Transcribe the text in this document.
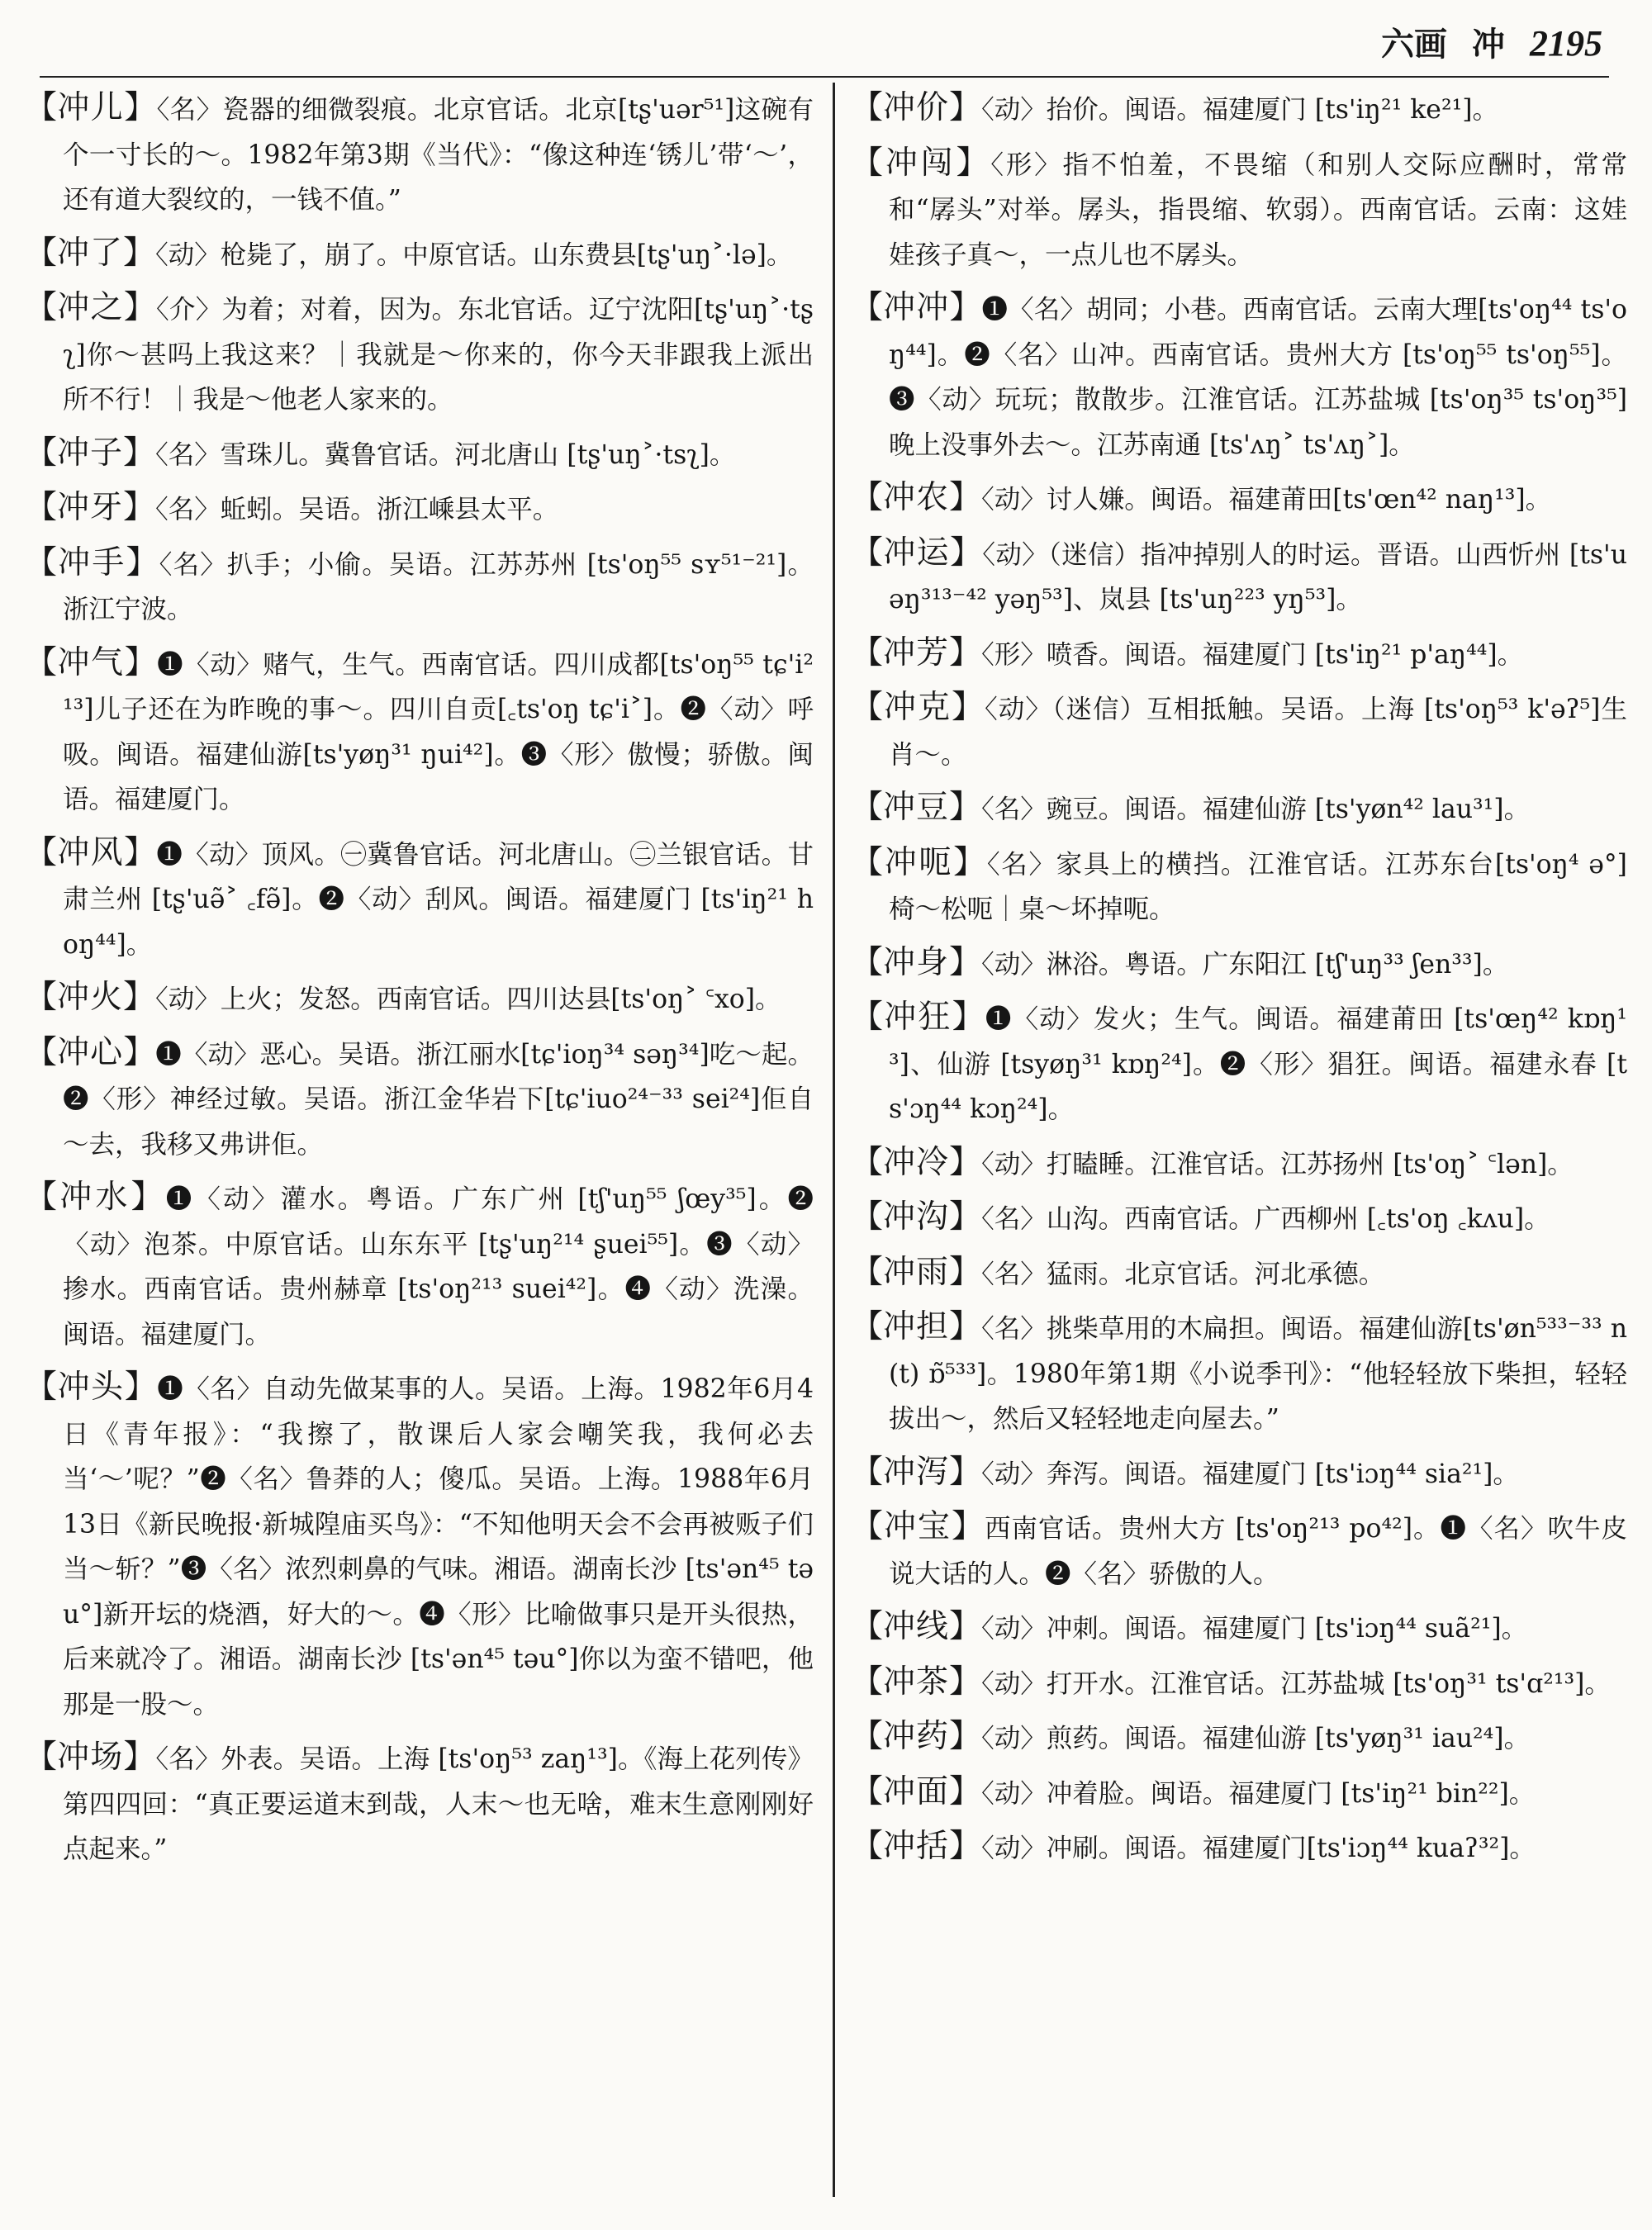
六画 冲 2195

【冲儿】〈名〉瓷器的细微裂痕。北京官话。北京[tʂ'uər⁵¹]这碗有个一寸长的～。1982年第3期《当代》：“像这种连‘锈儿’带‘～’，还有道大裂纹的，一钱不值。”

【冲了】〈动〉枪毙了，崩了。中原官话。山东费县[tʂ'uŋ˃·lə]。

【冲之】〈介〉为着；对着，因为。东北官话。辽宁沈阳[tʂ'uŋ˃·tʂʅ]你～甚吗上我这来？｜我就是～你来的，你今天非跟我上派出所不行！｜我是～他老人家来的。

【冲子】〈名〉雪珠儿。冀鲁官话。河北唐山 [tʂ'uŋ˃·tsʅ]。

【冲牙】〈名〉蚯蚓。吴语。浙江嵊县太平。

【冲手】〈名〉扒手；小偷。吴语。江苏苏州 [ts'oŋ⁵⁵ sʏ⁵¹⁻²¹]。浙江宁波。

【冲气】❶〈动〉赌气，生气。西南官话。四川成都[ts'oŋ⁵⁵ tɕ'i²¹³]儿子还在为昨晚的事～。四川自贡[꜀ts'oŋ tɕ'i˃]。❷〈动〉呼吸。闽语。福建仙游[ts'yøŋ³¹ ŋui⁴²]。❸〈形〉傲慢；骄傲。闽语。福建厦门。

【冲风】❶〈动〉顶风。㊀冀鲁官话。河北唐山。㊁兰银官话。甘肃兰州 [tʂ'uə̃˃ ꜀fə̃]。❷〈动〉刮风。闽语。福建厦门 [ts'iŋ²¹ hoŋ⁴⁴]。

【冲火】〈动〉上火；发怒。西南官话。四川达县[ts'oŋ˃ ꜂xo]。

【冲心】❶〈动〉恶心。吴语。浙江丽水[tɕ'ioŋ³⁴ səŋ³⁴]吃～起。❷〈形〉神经过敏。吴语。浙江金华岩下[tɕ'iuo²⁴⁻³³ sei²⁴]佢自～去，我移又弗讲佢。

【冲水】❶〈动〉灌水。粤语。广东广州 [tʃ'uŋ⁵⁵ ʃœy³⁵]。❷〈动〉泡茶。中原官话。山东东平 [tʂ'uŋ²¹⁴ ʂuei⁵⁵]。❸〈动〉掺水。西南官话。贵州赫章 [ts'oŋ²¹³ suei⁴²]。❹〈动〉洗澡。闽语。福建厦门。

【冲头】❶〈名〉自动先做某事的人。吴语。上海。1982年6月4日《青年报》：“我擦了，散课后人家会嘲笑我，我何必去当‘～’呢？”❷〈名〉鲁莽的人；傻瓜。吴语。上海。1988年6月13日《新民晚报·新城隍庙买鸟》：“不知他明天会不会再被贩子们当～斩？”❸〈名〉浓烈刺鼻的气味。湘语。湖南长沙 [ts'ən⁴⁵ təu°]新开坛的烧酒，好大的～。❹〈形〉比喻做事只是开头很热，后来就冷了。湘语。湖南长沙 [ts'ən⁴⁵ təu°]你以为蛮不错吧，他那是一股～。

【冲场】〈名〉外表。吴语。上海 [ts'oŋ⁵³ zaŋ¹³]。《海上花列传》第四四回：“真正要运道末到哉，人末～也无啥，难末生意刚刚好点起来。”

【冲价】〈动〉抬价。闽语。福建厦门 [ts'iŋ²¹ ke²¹]。

【冲闯】〈形〉指不怕羞，不畏缩（和别人交际应酬时，常常和“孱头”对举。孱头，指畏缩、软弱）。西南官话。云南：这娃娃孩子真～，一点儿也不孱头。

【冲冲】❶〈名〉胡同；小巷。西南官话。云南大理[ts'oŋ⁴⁴ ts'oŋ⁴⁴]。❷〈名〉山冲。西南官话。贵州大方 [ts'oŋ⁵⁵ ts'oŋ⁵⁵]。❸〈动〉玩玩；散散步。江淮官话。江苏盐城 [ts'oŋ³⁵ ts'oŋ³⁵] 晚上没事外去～。江苏南通 [ts'ʌŋ˃ ts'ʌŋ˃]。

【冲农】〈动〉讨人嫌。闽语。福建莆田[ts'œn⁴² naŋ¹³]。

【冲运】〈动〉（迷信）指冲掉别人的时运。晋语。山西忻州 [ts'uəŋ³¹³⁻⁴² yəŋ⁵³]、岚县 [ts'uŋ²²³ yŋ⁵³]。

【冲芳】〈形〉喷香。闽语。福建厦门 [ts'iŋ²¹ p'aŋ⁴⁴]。

【冲克】〈动〉（迷信）互相抵触。吴语。上海 [ts'oŋ⁵³ k'əʔ⁵]生肖～。

【冲豆】〈名〉豌豆。闽语。福建仙游 [ts'yøn⁴² lau³¹]。

【冲呃】〈名〉家具上的横挡。江淮官话。江苏东台[ts'oŋ⁴ ə°] 椅～松呃｜桌～坏掉呃。

【冲身】〈动〉淋浴。粤语。广东阳江 [tʃ'uŋ³³ ʃen³³]。

【冲狂】❶〈动〉发火；生气。闽语。福建莆田 [ts'œŋ⁴² kɒŋ¹³]、仙游 [tsyøŋ³¹ kɒŋ²⁴]。❷〈形〉猖狂。闽语。福建永春 [ts'ɔŋ⁴⁴ kɔŋ²⁴]。

【冲冷】〈动〉打瞌睡。江淮官话。江苏扬州 [ts'oŋ˃ ꜂lən]。

【冲沟】〈名〉山沟。西南官话。广西柳州 [꜀ts'oŋ ꜀kʌu]。

【冲雨】〈名〉猛雨。北京官话。河北承德。

【冲担】〈名〉挑柴草用的木扁担。闽语。福建仙游[ts'øn⁵³³⁻³³ n(t) ɒ̃⁵³³]。1980年第1期《小说季刊》：“他轻轻放下柴担，轻轻拔出～，然后又轻轻地走向屋去。”

【冲泻】〈动〉奔泻。闽语。福建厦门 [ts'iɔŋ⁴⁴ sia²¹]。

【冲宝】西南官话。贵州大方 [ts'oŋ²¹³ po⁴²]。❶〈名〉吹牛皮说大话的人。❷〈名〉骄傲的人。

【冲线】〈动〉冲刺。闽语。福建厦门 [ts'iɔŋ⁴⁴ suã²¹]。

【冲茶】〈动〉打开水。江淮官话。江苏盐城 [ts'oŋ³¹ ts'ɑ²¹³]。

【冲药】〈动〉煎药。闽语。福建仙游 [ts'yøŋ³¹ iau²⁴]。

【冲面】〈动〉冲着脸。闽语。福建厦门 [ts'iŋ²¹ bin²²]。

【冲括】〈动〉冲刷。闽语。福建厦门[ts'iɔŋ⁴⁴ kuaʔ³²]。
